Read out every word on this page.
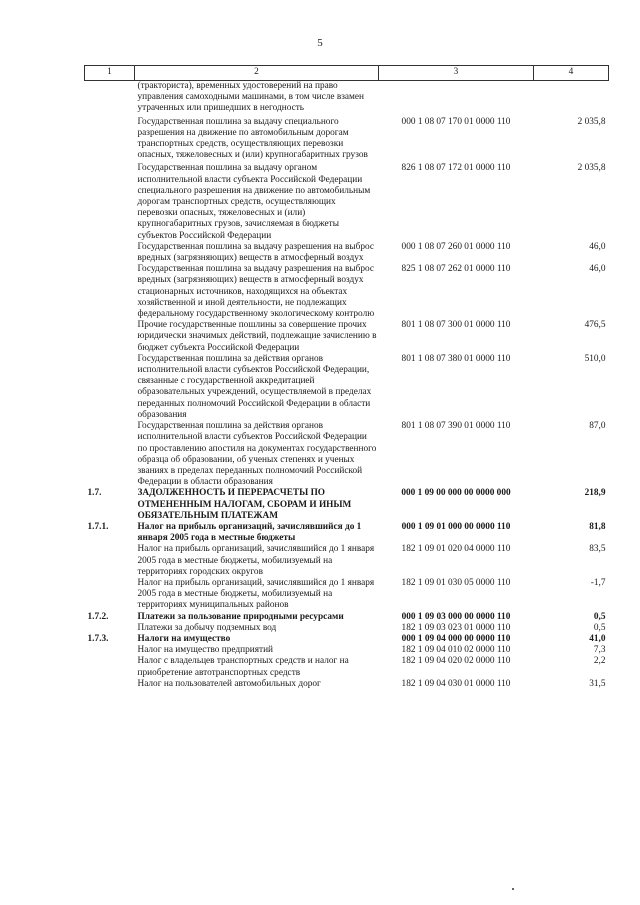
5
1	2	3	4
	(тракториста), временных удостоверений на право управления самоходными машинами, в том числе взамен утраченных или пришедших в негодность		
	Государственная пошлина за выдачу специального разрешения на движение по автомобильным дорогам транспортных средств, осуществляющих перевозки опасных, тяжеловесных и (или) крупногабаритных грузов	000 1 08 07 170 01 0000 110	2 035,8
	Государственная пошлина за выдачу органом исполнительной власти субъекта Российской Федерации специального разрешения на движение по автомобильным дорогам транспортных средств, осуществляющих перевозки опасных, тяжеловесных и (или) крупногабаритных грузов, зачисляемая в бюджеты субъектов Российской Федерации	826 1 08 07 172 01 0000 110	2 035,8
	Государственная пошлина за выдачу разрешения на выброс вредных (загрязняющих) веществ в атмосферный воздух	000 1 08 07 260 01 0000 110	46,0
	Государственная пошлина за выдачу разрешения на выброс вредных (загрязняющих) веществ в атмосферный воздух стационарных источников, находящихся на объектах хозяйственной и иной деятельности, не подлежащих федеральному государственному экологическому контролю	825 1 08 07 262 01 0000 110	46,0
	Прочие государственные пошлины за совершение прочих юридически значимых действий, подлежащие зачислению в бюджет субъекта Российской Федерации	801 1 08 07 300 01 0000 110	476,5
	Государственная пошлина за действия органов исполнительной власти субъектов Российской Федерации, связанные с государственной аккредитацией образовательных учреждений, осуществляемой в пределах переданных полномочий Российской Федерации в области образования	801 1 08 07 380 01 0000 110	510,0
	Государственная пошлина за действия органов исполнительной власти субъектов Российской Федерации по проставлению апостиля на документах государственного образца об образовании, об ученых степенях и ученых званиях в пределах переданных полномочий Российской Федерации в области образования	801 1 08 07 390 01 0000 110	87,0
1.7.	ЗАДОЛЖЕННОСТЬ И ПЕРЕРАСЧЕТЫ ПО ОТМЕНЕННЫМ НАЛОГАМ, СБОРАМ И ИНЫМ ОБЯЗАТЕЛЬНЫМ ПЛАТЕЖАМ	000 1 09 00 000 00 0000 000	218,9
1.7.1.	Налог на прибыль организаций, зачислявшийся до 1 января 2005 года в местные бюджеты	000 1 09 01 000 00 0000 110	81,8
	Налог на прибыль организаций, зачислявшийся до 1 января 2005 года в местные бюджеты, мобилизуемый на территориях городских округов	182 1 09 01 020 04 0000 110	83,5
	Налог на прибыль организаций, зачислявшийся до 1 января 2005 года в местные бюджеты, мобилизуемый на территориях муниципальных районов	182 1 09 01 030 05 0000 110	-1,7
1.7.2.	Платежи за пользование природными ресурсами	000 1 09 03 000 00 0000 110	0,5
	Платежи за добычу подземных вод	182 1 09 03 023 01 0000 110	0,5
1.7.3.	Налоги на имущество	000 1 09 04 000 00 0000 110	41,0
	Налог на имущество предприятий	182 1 09 04 010 02 0000 110	7,3
	Налог с владельцев транспортных средств и налог на приобретение автотранспортных средств	182 1 09 04 020 02 0000 110	2,2
	Налог на пользователей автомобильных дорог	182 1 09 04 030 01 0000 110	31,5
